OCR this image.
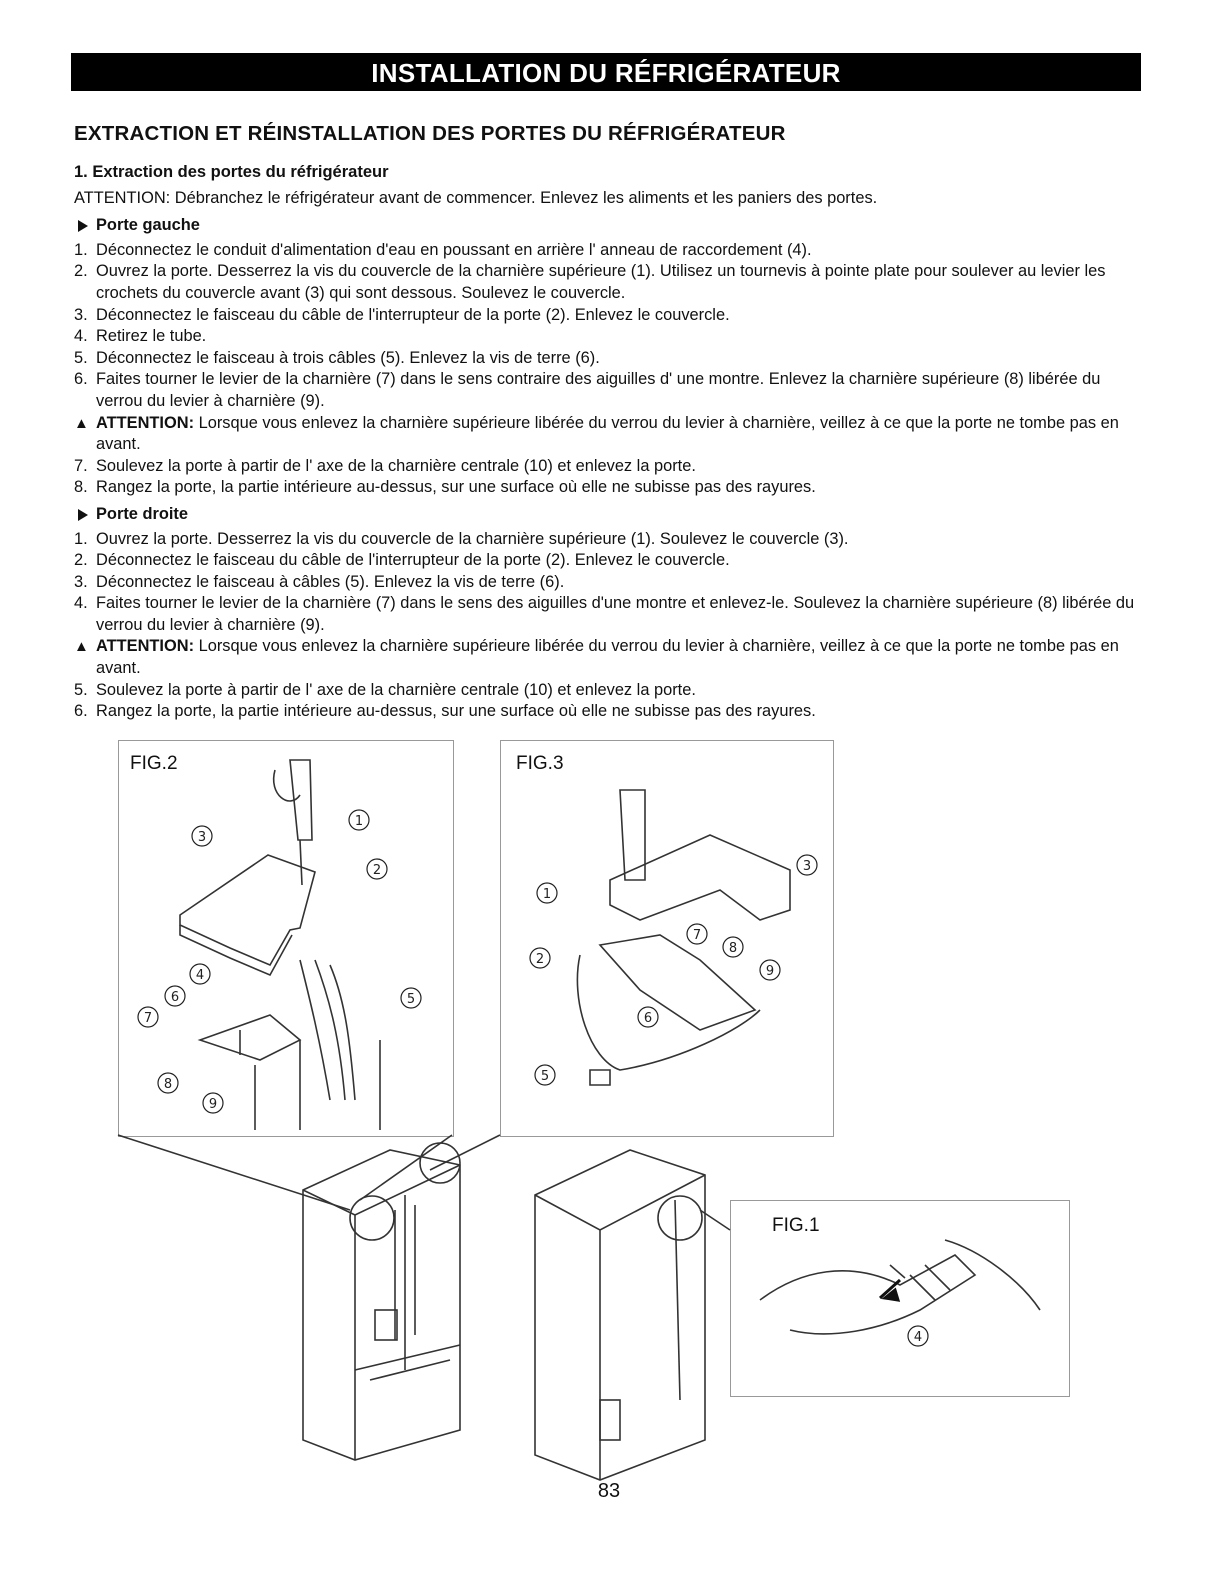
INSTALLATION DU RÉFRIGÉRATEUR
EXTRACTION ET RÉINSTALLATION DES PORTES DU RÉFRIGÉRATEUR
1. Extraction des portes du réfrigérateur
ATTENTION: Débranchez le réfrigérateur avant de commencer. Enlevez les aliments et les paniers des portes.
Porte gauche
1. Déconnectez le conduit d'alimentation d'eau en poussant en arrière l' anneau de raccordement (4).
2. Ouvrez la porte. Desserrez la vis du couvercle de la charnière supérieure (1). Utilisez un tournevis à pointe plate pour soulever au levier les crochets du couvercle avant (3) qui sont dessous. Soulevez le couvercle.
3. Déconnectez le faisceau du câble de l'interrupteur de la porte (2). Enlevez le couvercle.
4. Retirez le tube.
5. Déconnectez le faisceau à trois câbles (5). Enlevez la vis de terre (6).
6. Faites tourner le levier de la charnière (7) dans le sens contraire des aiguilles d' une montre. Enlevez la charnière supérieure (8) libérée du verrou du levier à charnière (9).
▲ ATTENTION: Lorsque vous enlevez la charnière supérieure libérée du verrou du levier à charnière, veillez à ce que la porte ne tombe pas en avant.
7. Soulevez la porte à partir de l' axe de la charnière centrale (10) et enlevez la porte.
8. Rangez la porte, la partie intérieure au-dessus, sur une surface où elle ne subisse pas des rayures.
Porte droite
1. Ouvrez la porte. Desserrez la vis du couvercle de la charnière supérieure (1). Soulevez le couvercle (3).
2. Déconnectez le faisceau du câble de l'interrupteur de la porte (2). Enlevez le couvercle.
3. Déconnectez le faisceau à câbles (5). Enlevez la vis de terre (6).
4. Faites tourner le levier de la charnière (7) dans le sens des aiguilles d'une montre et enlevez-le. Soulevez la charnière supérieure (8) libérée du verrou du levier à charnière (9).
▲ ATTENTION: Lorsque vous enlevez la charnière supérieure libérée du verrou du levier à charnière, veillez à ce que la porte ne tombe pas en avant.
5. Soulevez la porte à partir de l' axe de la charnière centrale (10) et enlevez la porte.
6. Rangez la porte, la partie intérieure au-dessus, sur une surface où elle ne subisse pas des rayures.
1
3
2
4
6
7
5
8
9
1
3
2
7
8
9
6
5
4
FIG.2	FIG.3
FIG.1
83
